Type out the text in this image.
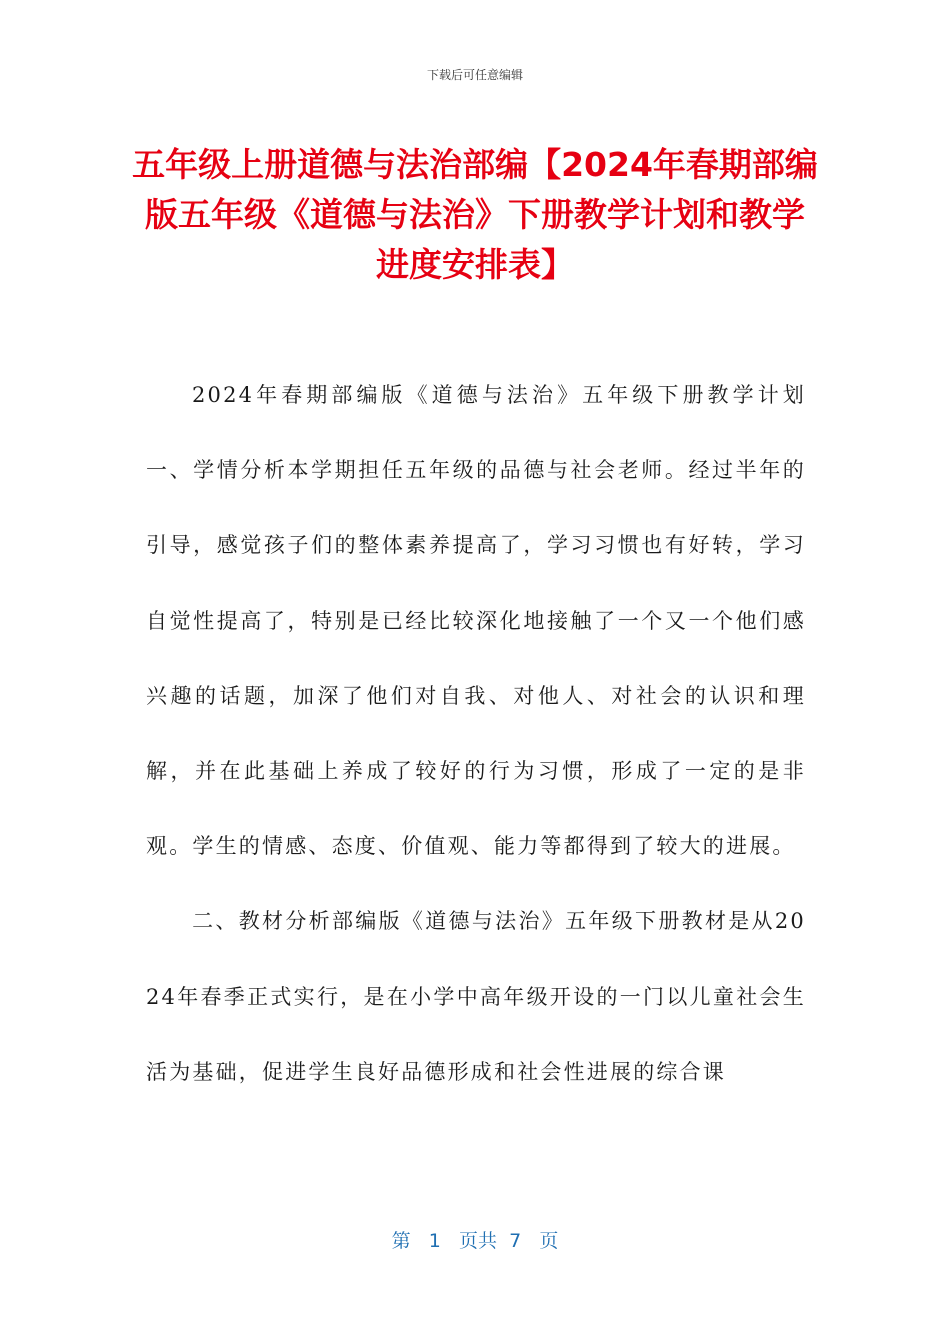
下载后可任意编辑
五年级上册道德与法治部编【2024年春期部编版五年级《道德与法治》下册教学计划和教学进度安排表】

2024年春期部编版《道德与法治》五年级下册教学计划一、学情分析本学期担任五年级的品德与社会老师。经过半年的引导，感觉孩子们的整体素养提高了，学习习惯也有好转，学习自觉性提高了，特别是已经比较深化地接触了一个又一个他们感兴趣的话题，加深了他们对自我、对他人、对社会的认识和理解，并在此基础上养成了较好的行为习惯，形成了一定的是非观。学生的情感、态度、价值观、能力等都得到了较大的进展。

二、教材分析部编版《道德与法治》五年级下册教材是从2024年春季正式实行，是在小学中高年级开设的一门以儿童社会生活为基础，促进学生良好品德形成和社会性进展的综合课

第 1 页共 7 页
